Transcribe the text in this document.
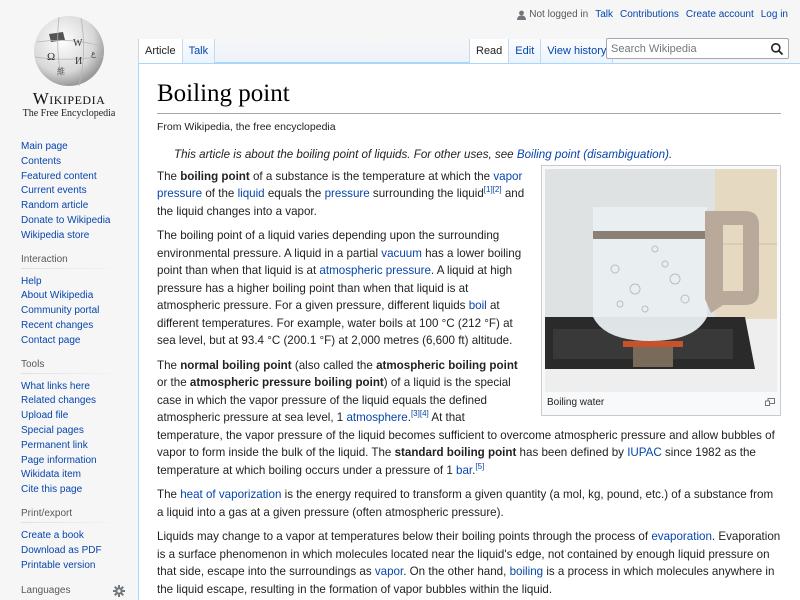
Ω
W
И
維
ع
Wikipedia
The Free Encyclopedia
Not logged in Talk Contributions Create account Log in
Article	Talk	Read	Edit	View history
Search Wikipedia
Main page
Contents
Featured content
Current events
Random article
Donate to Wikipedia
Wikipedia store
Interaction
Help
About Wikipedia
Community portal
Recent changes
Contact page
Tools
What links here
Related changes
Upload file
Special pages
Permanent link
Page information
Wikidata item
Cite this page
Print/export
Create a book
Download as PDF
Printable version
Languages
Boiling point
From Wikipedia, the free encyclopedia
This article is about the boiling point of liquids. For other uses, see Boiling point (disambiguation).
Boiling water

The boiling point of a substance is the temperature at which the vapor pressure of the liquid equals the pressure surrounding the liquid[1][2] and the liquid changes into a vapor.

The boiling point of a liquid varies depending upon the surrounding environmental pressure. A liquid in a partial vacuum has a lower boiling point than when that liquid is at atmospheric pressure. A liquid at high pressure has a higher boiling point than when that liquid is at atmospheric pressure. For a given pressure, different liquids boil at different temperatures. For example, water boils at 100 °C (212 °F) at sea level, but at 93.4 °C (200.1 °F) at 2,000 metres (6,600 ft) altitude.

The normal boiling point (also called the atmospheric boiling point or the atmospheric pressure boiling point) of a liquid is the special case in which the vapor pressure of the liquid equals the defined atmospheric pressure at sea level, 1 atmosphere.[3][4] At that temperature, the vapor pressure of the liquid becomes sufficient to overcome atmospheric pressure and allow bubbles of vapor to form inside the bulk of the liquid. The standard boiling point has been defined by IUPAC since 1982 as the temperature at which boiling occurs under a pressure of 1 bar.[5]

The heat of vaporization is the energy required to transform a given quantity (a mol, kg, pound, etc.) of a substance from a liquid into a gas at a given pressure (often atmospheric pressure).

Liquids may change to a vapor at temperatures below their boiling points through the process of evaporation. Evaporation is a surface phenomenon in which molecules located near the liquid's edge, not contained by enough liquid pressure on that side, escape into the surroundings as vapor. On the other hand, boiling is a process in which molecules anywhere in the liquid escape, resulting in the formation of vapor bubbles within the liquid.
